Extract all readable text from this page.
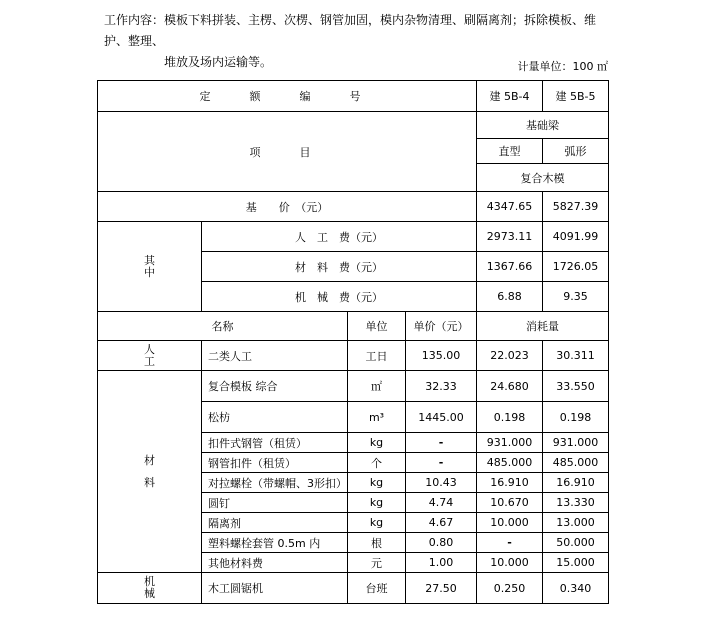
工作内容：模板下料拼装、主楞、次楞、钢管加固，模内杂物清理、刷隔离剂；拆除模板、维护、整理、
堆放及场内运输等。	计量单位：100 ㎡
定　额　编　号				建 5B-4	建 5B-5
项　目				基础梁	
				直型	弧形
				复合木模	
基　　价　（元）				4347.65	5827.39
其中	人　工　费（元）			2973.11	4091.99
	材　料　费（元）			1367.66	1726.05
	机　械　费（元）			6.88	9.35
名称		单位	单价（元）	消耗量	
人工	二类人工	工日	135.00	22.023	30.311
材　料	复合模板 综合	㎡	32.33	24.680	33.550
	松枋	m³	1445.00	0.198	0.198
	扣件式钢管（租赁）	kg	-	931.000	931.000
	钢管扣件（租赁）	个	-	485.000	485.000
	对拉螺栓（带螺帽、3形扣）	kg	10.43	16.910	16.910
	圆钉	kg	4.74	10.670	13.330
	隔离剂	kg	4.67	10.000	13.000
	塑料螺栓套管 0.5m 内	根	0.80	-	50.000
	其他材料费	元	1.00	10.000	15.000
机械	木工圆锯机	台班	27.50	0.250	0.340
